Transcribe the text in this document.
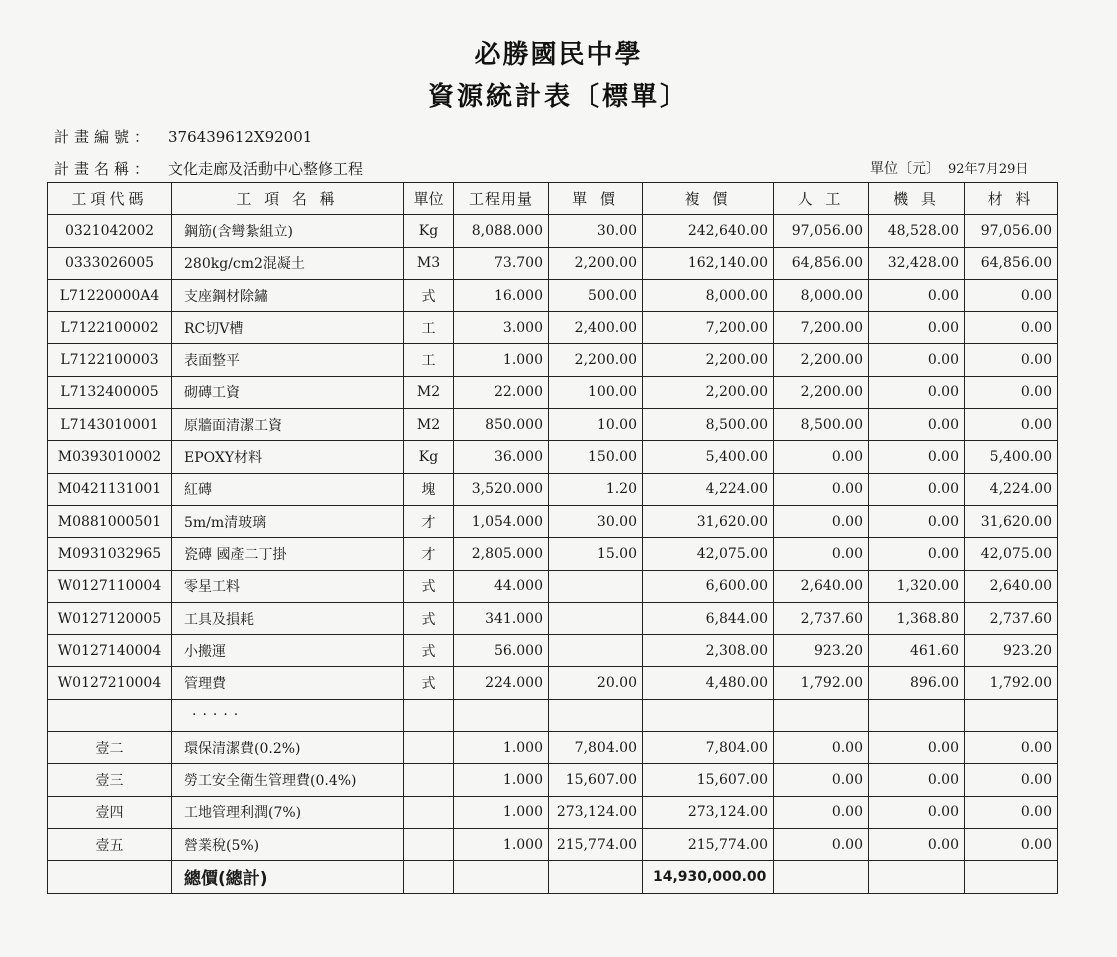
必勝國民中學
資源統計表〔標單〕
計畫編號： 376439612X92001
計畫名稱： 文化走廊及活動中心整修工程	單位〔元〕 92年7月29日
工項代碼	工 項 名 稱	單位	工程用量	單 價	複 價	人 工	機 具	材 料
0321042002	鋼筋(含彎紮組立)	Kg	8,088.000	30.00	242,640.00	97,056.00	48,528.00	97,056.00
0333026005	280kg/cm2混凝土	M3	73.700	2,200.00	162,140.00	64,856.00	32,428.00	64,856.00
L71220000A4	支座鋼材除鏽	式	16.000	500.00	8,000.00	8,000.00	0.00	0.00
L7122100002	RC切V槽	工	3.000	2,400.00	7,200.00	7,200.00	0.00	0.00
L7122100003	表面整平	工	1.000	2,200.00	2,200.00	2,200.00	0.00	0.00
L7132400005	砌磚工資	M2	22.000	100.00	2,200.00	2,200.00	0.00	0.00
L7143010001	原牆面清潔工資	M2	850.000	10.00	8,500.00	8,500.00	0.00	0.00
M0393010002	EPOXY材料	Kg	36.000	150.00	5,400.00	0.00	0.00	5,400.00
M0421131001	紅磚	塊	3,520.000	1.20	4,224.00	0.00	0.00	4,224.00
M0881000501	5m/m清玻璃	才	1,054.000	30.00	31,620.00	0.00	0.00	31,620.00
M0931032965	瓷磚 國產二丁掛	才	2,805.000	15.00	42,075.00	0.00	0.00	42,075.00
W0127110004	零星工料	式	44.000		6,600.00	2,640.00	1,320.00	2,640.00
W0127120005	工具及損耗	式	341.000		6,844.00	2,737.60	1,368.80	2,737.60
W0127140004	小搬運	式	56.000		2,308.00	923.20	461.60	923.20
W0127210004	管理費	式	224.000	20.00	4,480.00	1,792.00	896.00	1,792.00
	·····							
壹二	環保清潔費(0.2%)		1.000	7,804.00	7,804.00	0.00	0.00	0.00
壹三	勞工安全衛生管理費(0.4%)		1.000	15,607.00	15,607.00	0.00	0.00	0.00
壹四	工地管理利潤(7%)		1.000	273,124.00	273,124.00	0.00	0.00	0.00
壹五	營業稅(5%)		1.000	215,774.00	215,774.00	0.00	0.00	0.00
	總價(總計)				14,930,000.00			
